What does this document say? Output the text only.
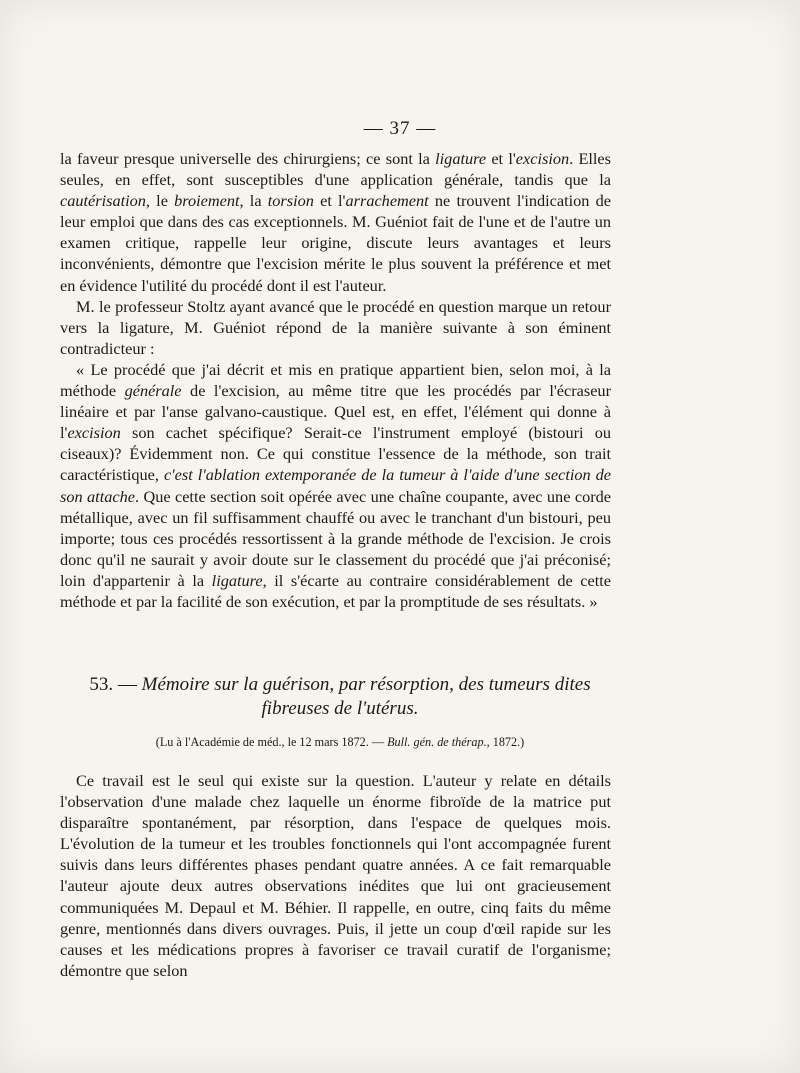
— 37 —

la faveur presque universelle des chirurgiens; ce sont la ligature et l'excision. Elles seules, en effet, sont susceptibles d'une application générale, tandis que la cautérisation, le broiement, la torsion et l'arrachement ne trouvent l'indication de leur emploi que dans des cas exceptionnels. M. Guéniot fait de l'une et de l'autre un examen critique, rappelle leur origine, discute leurs avantages et leurs inconvénients, démontre que l'excision mérite le plus souvent la préférence et met en évidence l'utilité du procédé dont il est l'auteur.

M. le professeur Stoltz ayant avancé que le procédé en question marque un retour vers la ligature, M. Guéniot répond de la manière suivante à son éminent contradicteur :

« Le procédé que j'ai décrit et mis en pratique appartient bien, selon moi, à la méthode générale de l'excision, au même titre que les procédés par l'écraseur linéaire et par l'anse galvano-caustique. Quel est, en effet, l'élément qui donne à l'excision son cachet spécifique? Serait-ce l'instrument employé (bistouri ou ciseaux)? Évidemment non. Ce qui constitue l'essence de la méthode, son trait caractéristique, c'est l'ablation extemporanée de la tumeur à l'aide d'une section de son attache. Que cette section soit opérée avec une chaîne coupante, avec une corde métallique, avec un fil suffisamment chauffé ou avec le tranchant d'un bistouri, peu importe; tous ces procédés ressortissent à la grande méthode de l'excision. Je crois donc qu'il ne saurait y avoir doute sur le classement du procédé que j'ai préconisé; loin d'appartenir à la ligature, il s'écarte au contraire considérablement de cette méthode et par la facilité de son exécution, et par la promptitude de ses résultats. »

53. — Mémoire sur la guérison, par résorption, des tumeurs dites fibreuses de l'utérus.
(Lu à l'Académie de méd., le 12 mars 1872. — Bull. gén. de thérap., 1872.)

Ce travail est le seul qui existe sur la question. L'auteur y relate en détails l'observation d'une malade chez laquelle un énorme fibroïde de la matrice put disparaître spontanément, par résorption, dans l'espace de quelques mois. L'évolution de la tumeur et les troubles fonctionnels qui l'ont accompagnée furent suivis dans leurs différentes phases pendant quatre années. A ce fait remarquable l'auteur ajoute deux autres observations inédites que lui ont gracieusement communiquées M. Depaul et M. Béhier. Il rappelle, en outre, cinq faits du même genre, mentionnés dans divers ouvrages. Puis, il jette un coup d'œil rapide sur les causes et les médications propres à favoriser ce travail curatif de l'organisme; démontre que selon
